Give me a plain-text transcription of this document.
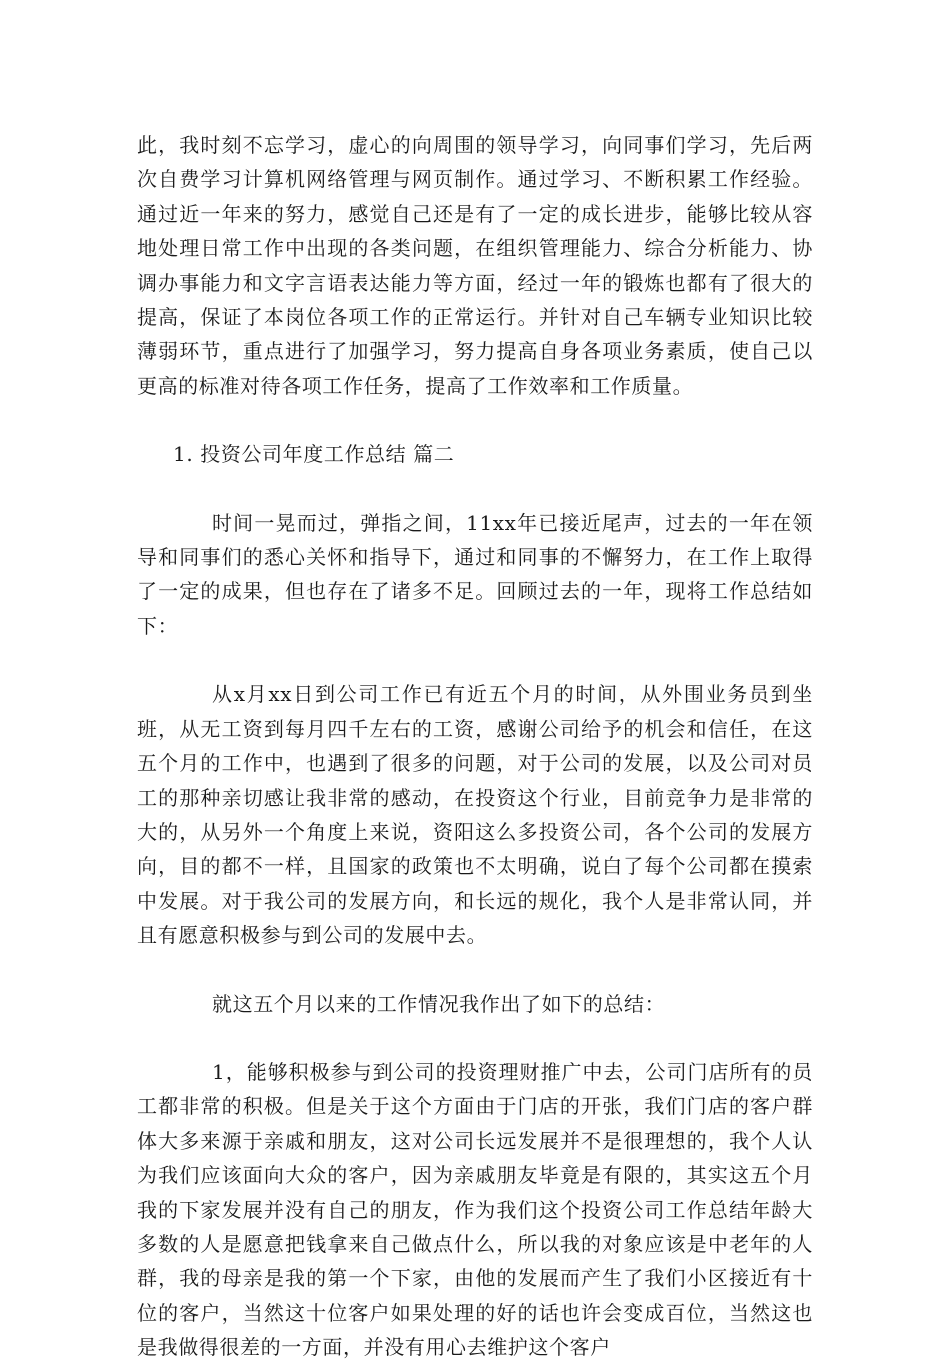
此，我时刻不忘学习，虚心的向周围的领导学习，向同事们学习，先后两次自费学习计算机网络管理与网页制作。通过学习、不断积累工作经验。通过近一年来的努力，感觉自己还是有了一定的成长进步，能够比较从容地处理日常工作中出现的各类问题，在组织管理能力、综合分析能力、协调办事能力和文字言语表达能力等方面，经过一年的锻炼也都有了很大的提高，保证了本岗位各项工作的正常运行。并针对自己车辆专业知识比较薄弱环节，重点进行了加强学习，努力提高自身各项业务素质，使自己以更高的标准对待各项工作任务，提高了工作效率和工作质量。

1. 投资公司年度工作总结 篇二

时间一晃而过，弹指之间，11xx年已接近尾声，过去的一年在领导和同事们的悉心关怀和指导下，通过和同事的不懈努力，在工作上取得了一定的成果，但也存在了诸多不足。回顾过去的一年，现将工作总结如下：

从x月xx日到公司工作已有近五个月的时间，从外围业务员到坐班，从无工资到每月四千左右的工资，感谢公司给予的机会和信任，在这五个月的工作中，也遇到了很多的问题，对于公司的发展，以及公司对员工的那种亲切感让我非常的感动，在投资这个行业，目前竞争力是非常的大的，从另外一个角度上来说，资阳这么多投资公司，各个公司的发展方向，目的都不一样，且国家的政策也不太明确，说白了每个公司都在摸索中发展。对于我公司的发展方向，和长远的规化，我个人是非常认同，并且有愿意积极参与到公司的发展中去。

就这五个月以来的工作情况我作出了如下的总结：

1，能够积极参与到公司的投资理财推广中去，公司门店所有的员工都非常的积极。但是关于这个方面由于门店的开张，我们门店的客户群体大多来源于亲戚和朋友，这对公司长远发展并不是很理想的，我个人认为我们应该面向大众的客户，因为亲戚朋友毕竟是有限的，其实这五个月我的下家发展并没有自己的朋友，作为我们这个投资公司工作总结年龄大多数的人是愿意把钱拿来自己做点什么，所以我的对象应该是中老年的人群，我的母亲是我的第一个下家，由他的发展而产生了我们小区接近有十位的客户，当然这十位客户如果处理的好的话也许会变成百位，当然这也是我做得很差的一方面，并没有用心去维护这个客户
